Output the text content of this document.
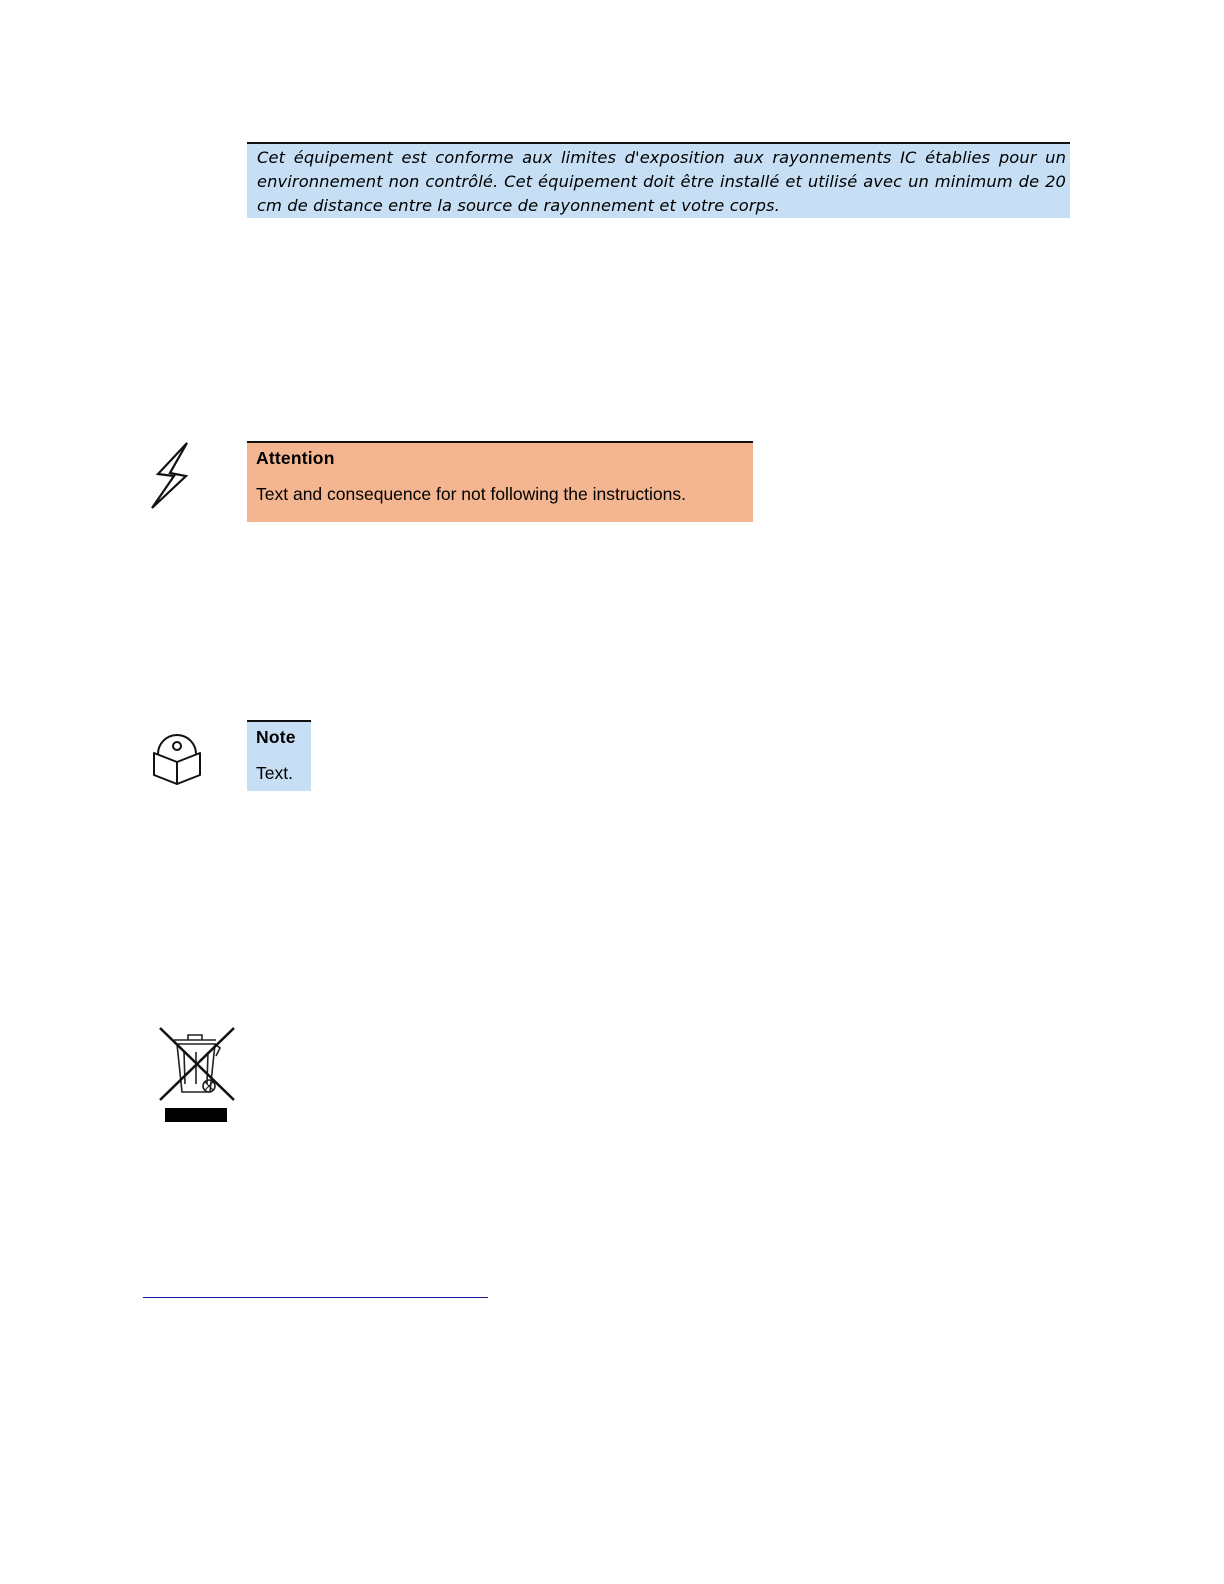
Cet équipement est conforme aux limites d'exposition aux rayonnements IC établies pour un environnement non contrôlé. Cet équipement doit être installé et utilisé avec un minimum de 20 cm de distance entre la source de rayonnement et votre corps.

Attention

Text and consequence for not following the instructions.

Note

Text.
